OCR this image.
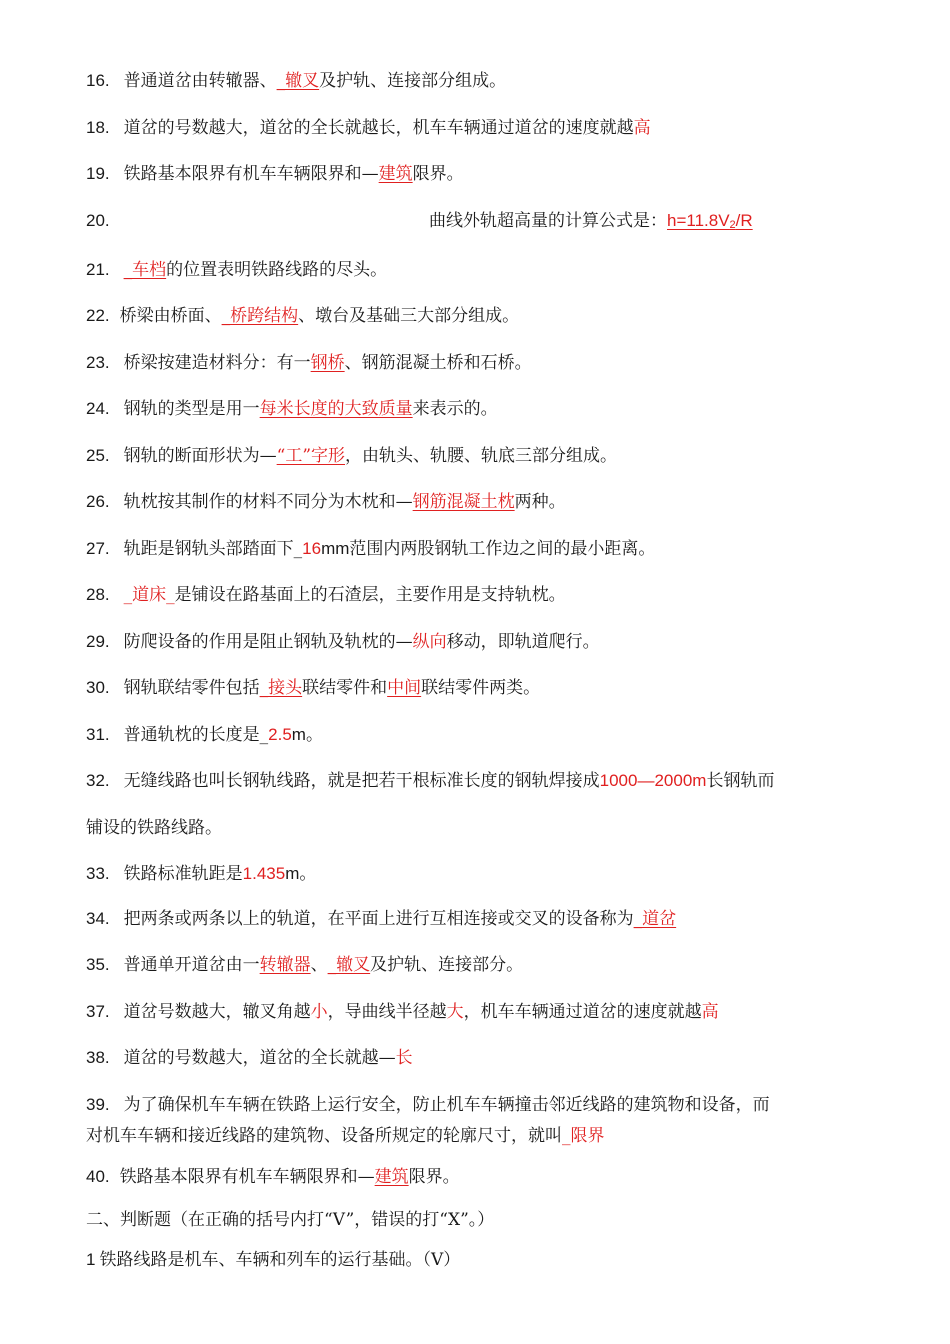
16. 普通道岔由转辙器、_辙叉及护轨、连接部分组成。
18. 道岔的号数越大，道岔的全长就越长，机车车辆通过道岔的速度就越高
19. 铁路基本限界有机车车辆限界和—建筑限界。
20.	曲线外轨超高量的计算公式是：$h=11.8V_2/R$
21. _车档的位置表明铁路线路的尽头。
22. 桥梁由桥面、_桥跨结构、墩台及基础三大部分组成。
23. 桥梁按建造材料分：有一钢桥、钢筋混凝土桥和石桥。
24. 钢轨的类型是用一每米长度的大致质量来表示的。
25. 钢轨的断面形状为—“工”字形，由轨头、轨腰、轨底三部分组成。
26. 轨枕按其制作的材料不同分为木枕和—钢筋混凝土枕两种。
27. 轨距是钢轨头部踏面下_16mm范围内两股钢轨工作边之间的最小距离。
28. _道床_是铺设在路基面上的石渣层，主要作用是支持轨枕。
29. 防爬设备的作用是阻止钢轨及轨枕的—纵向移动，即轨道爬行。
30. 钢轨联结零件包括_接头联结零件和中间联结零件两类。
31. 普通轨枕的长度是_2.5m。
32. 无缝线路也叫长钢轨线路，就是把若干根标准长度的钢轨焊接成1000—2000m长钢轨而
铺设的铁路线路。
33. 铁路标准轨距是1.435m。
34. 把两条或两条以上的轨道，在平面上进行互相连接或交叉的设备称为_道岔
35. 普通单开道岔由一转辙器、_辙叉及护轨、连接部分。
37. 道岔号数越大，辙叉角越小，导曲线半径越大，机车车辆通过道岔的速度就越高
38. 道岔的号数越大，道岔的全长就越—长
39. 为了确保机车车辆在铁路上运行安全，防止机车车辆撞击邻近线路的建筑物和设备，而
对机车车辆和接近线路的建筑物、设备所规定的轮廓尺寸，就叫_限界
40. 铁路基本限界有机车车辆限界和—建筑限界。
二、判断题（在正确的括号内打“V”，错误的打“X”。）
1 铁路线路是机车、车辆和列车的运行基础。（V）
